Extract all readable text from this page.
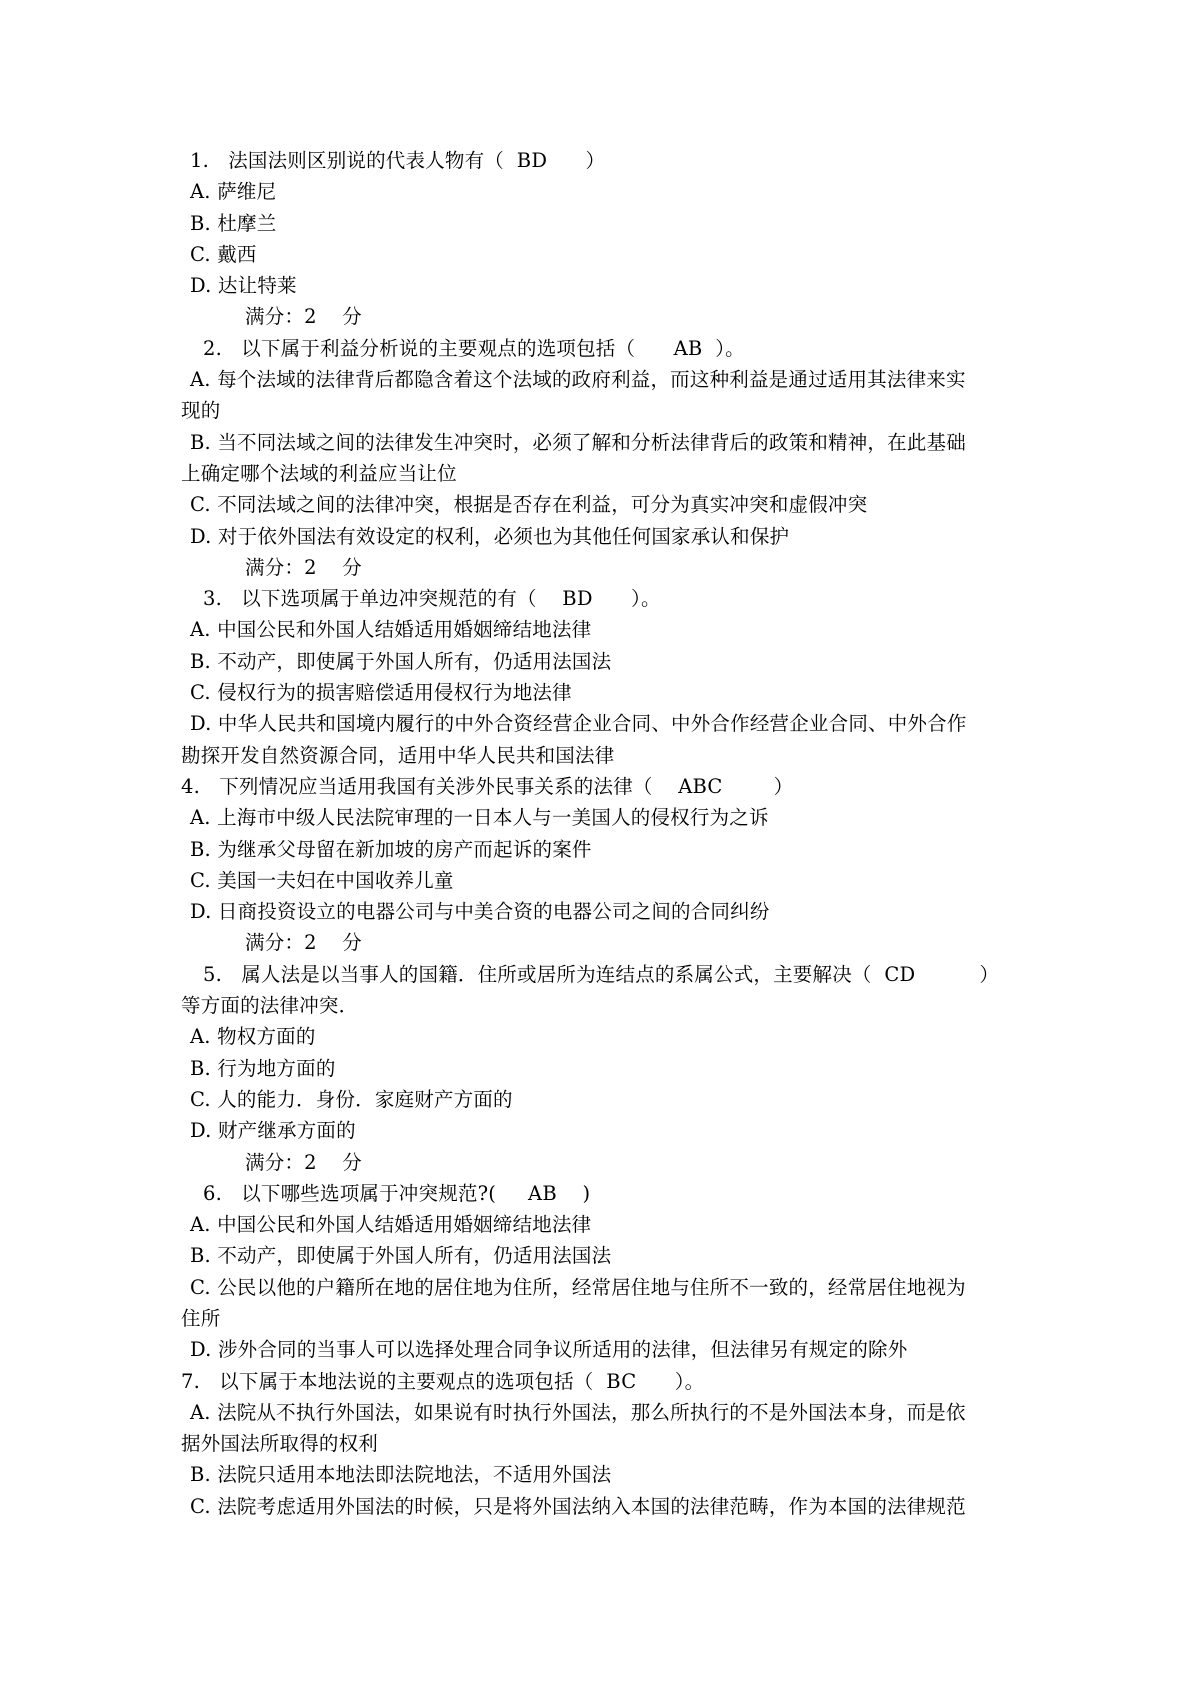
1.   法国法则区别说的代表人物有（  BD      ）
A. 萨维尼
B. 杜摩兰
C. 戴西
D. 达让特莱
满分：2    分
2.   以下属于利益分析说的主要观点的选项包括（      AB  ）。
A. 每个法域的法律背后都隐含着这个法域的政府利益，而这种利益是通过适用其法律来实
现的
B. 当不同法域之间的法律发生冲突时，必须了解和分析法律背后的政策和精神，在此基础
上确定哪个法域的利益应当让位
C. 不同法域之间的法律冲突，根据是否存在利益，可分为真实冲突和虚假冲突
D. 对于依外国法有效设定的权利，必须也为其他任何国家承认和保护
满分：2    分
3.   以下选项属于单边冲突规范的有（    BD      ）。
A. 中国公民和外国人结婚适用婚姻缔结地法律
B. 不动产，即使属于外国人所有，仍适用法国法
C. 侵权行为的损害赔偿适用侵权行为地法律
D. 中华人民共和国境内履行的中外合资经营企业合同、中外合作经营企业合同、中外合作
勘探开发自然资源合同，适用中华人民共和国法律
4.   下列情况应当适用我国有关涉外民事关系的法律（    ABC        ）
A. 上海市中级人民法院审理的一日本人与一美国人的侵权行为之诉
B. 为继承父母留在新加坡的房产而起诉的案件
C. 美国一夫妇在中国收养儿童
D. 日商投资设立的电器公司与中美合资的电器公司之间的合同纠纷
满分：2    分
5.   属人法是以当事人的国籍．住所或居所为连结点的系属公式，主要解决（  CD          ）
等方面的法律冲突．
A. 物权方面的
B. 行为地方面的
C. 人的能力．身份．家庭财产方面的
D. 财产继承方面的
满分：2    分
6.   以下哪些选项属于冲突规范?(     AB    )
A. 中国公民和外国人结婚适用婚姻缔结地法律
B. 不动产，即使属于外国人所有，仍适用法国法
C. 公民以他的户籍所在地的居住地为住所，经常居住地与住所不一致的，经常居住地视为
住所
D. 涉外合同的当事人可以选择处理合同争议所适用的法律，但法律另有规定的除外
7.   以下属于本地法说的主要观点的选项包括（  BC      ）。
A. 法院从不执行外国法，如果说有时执行外国法，那么所执行的不是外国法本身，而是依
据外国法所取得的权利
B. 法院只适用本地法即法院地法，不适用外国法
C. 法院考虑适用外国法的时候，只是将外国法纳入本国的法律范畴，作为本国的法律规范
